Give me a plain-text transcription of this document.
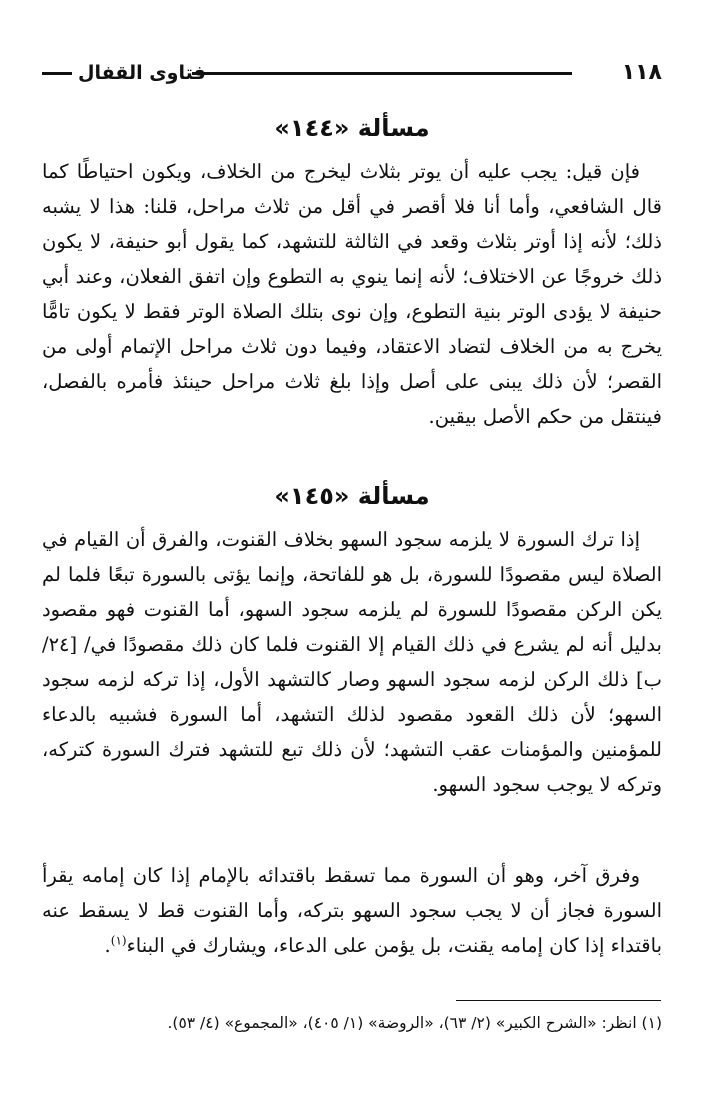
١١٨
فتاوى القفال
مسألة «١٤٤»

فإن قيل: يجب عليه أن يوتر بثلاث ليخرج من الخلاف، ويكون احتياطًا كما قال الشافعي، وأما أنا فلا أقصر في أقل من ثلاث مراحل، قلنا: هذا لا يشبه ذلك؛ لأنه إذا أوتر بثلاث وقعد في الثالثة للتشهد، كما يقول أبو حنيفة، لا يكون ذلك خروجًا عن الاختلاف؛ لأنه إنما ينوي به التطوع وإن اتفق الفعلان، وعند أبي حنيفة لا يؤدى الوتر بنية التطوع، وإن نوى بتلك الصلاة الوتر فقط لا يكون تامًّا يخرج به من الخلاف لتضاد الاعتقاد، وفيما دون ثلاث مراحل الإتمام أولى من القصر؛ لأن ذلك يبنى على أصل وإذا بلغ ثلاث مراحل حينئذ فأمره بالفصل، فينتقل من حكم الأصل بيقين.

مسألة «١٤٥»

إذا ترك السورة لا يلزمه سجود السهو بخلاف القنوت، والفرق أن القيام في الصلاة ليس مقصودًا للسورة، بل هو للفاتحة، وإنما يؤتى بالسورة تبعًا فلما لم يكن الركن مقصودًا للسورة لم يلزمه سجود السهو، أما القنوت فهو مقصود بدليل أنه لم يشرع في ذلك القيام إلا القنوت فلما كان ذلك مقصودًا في/ [٢٤/ب] ذلك الركن لزمه سجود السهو وصار كالتشهد الأول، إذا تركه لزمه سجود السهو؛ لأن ذلك القعود مقصود لذلك التشهد، أما السورة فشبيه بالدعاء للمؤمنين والمؤمنات عقب التشهد؛ لأن ذلك تبع للتشهد فترك السورة كتركه، وتركه لا يوجب سجود السهو.

وفرق آخر، وهو أن السورة مما تسقط باقتدائه بالإمام إذا كان إمامه يقرأ السورة فجاز أن لا يجب سجود السهو بتركه، وأما القنوت قط لا يسقط عنه باقتداء إذا كان إمامه يقنت، بل يؤمن على الدعاء، ويشارك في البناء$^{(١)}$.

(١) انظر: «الشرح الكبير» (٢/ ٦٣)، «الروضة» (١/ ٤٠٥)، «المجموع» (٤/ ٥٣).
